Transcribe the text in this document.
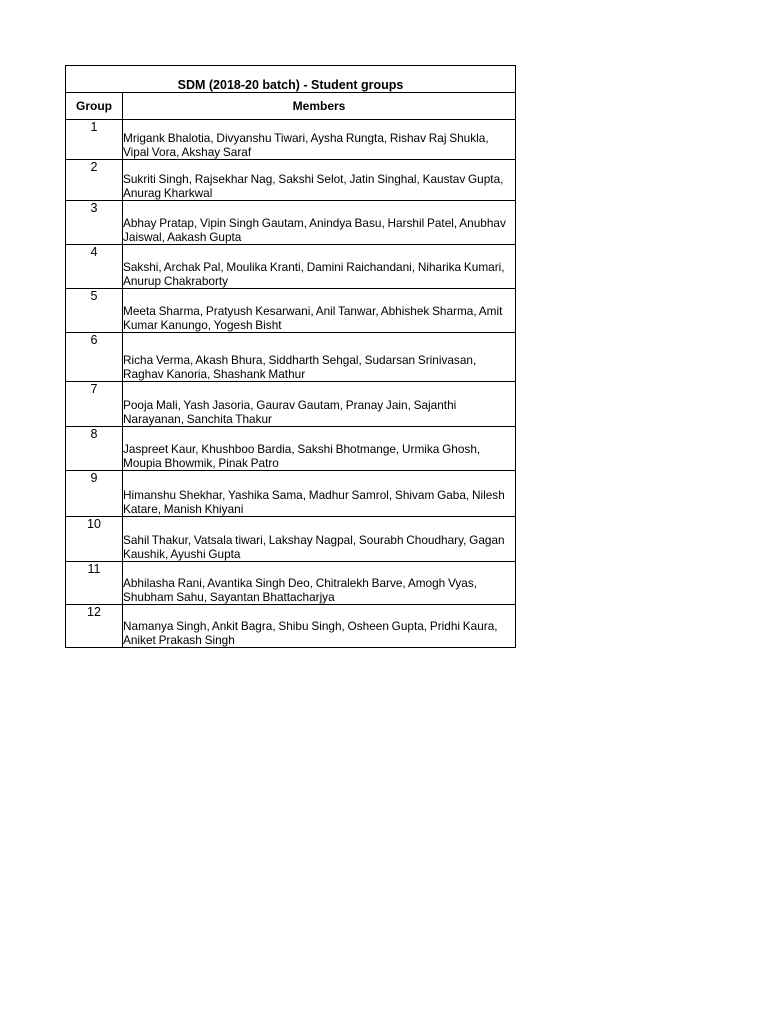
SDM (2018-20 batch) - Student groups	
Group	Members
1	Mrigank Bhalotia, Divyanshu Tiwari, Aysha Rungta, Rishav Raj Shukla, Vipal Vora, Akshay Saraf
2	Sukriti Singh, Rajsekhar Nag, Sakshi Selot, Jatin Singhal, Kaustav Gupta, Anurag Kharkwal
3	Abhay Pratap, Vipin Singh Gautam, Anindya Basu, Harshil Patel, Anubhav Jaiswal, Aakash Gupta
4	Sakshi, Archak Pal, Moulika Kranti, Damini Raichandani, Niharika Kumari, Anurup Chakraborty
5	Meeta Sharma, Pratyush Kesarwani, Anil Tanwar, Abhishek Sharma, Amit Kumar Kanungo, Yogesh Bisht
6	Richa Verma, Akash Bhura, Siddharth Sehgal, Sudarsan Srinivasan, Raghav Kanoria, Shashank Mathur
7	Pooja Mali, Yash Jasoria, Gaurav Gautam, Pranay Jain, Sajanthi Narayanan, Sanchita Thakur
8	Jaspreet Kaur, Khushboo Bardia, Sakshi Bhotmange, Urmika Ghosh, Moupia Bhowmik, Pinak Patro
9	Himanshu Shekhar, Yashika Sama, Madhur Samrol, Shivam Gaba, Nilesh Katare, Manish Khiyani
10	Sahil Thakur, Vatsala tiwari, Lakshay Nagpal, Sourabh Choudhary, Gagan Kaushik, Ayushi Gupta
11	Abhilasha Rani, Avantika Singh Deo, Chitralekh Barve, Amogh Vyas, Shubham Sahu, Sayantan Bhattacharjya
12	Namanya Singh, Ankit Bagra, Shibu Singh, Osheen Gupta, Pridhi Kaura, Aniket Prakash Singh
